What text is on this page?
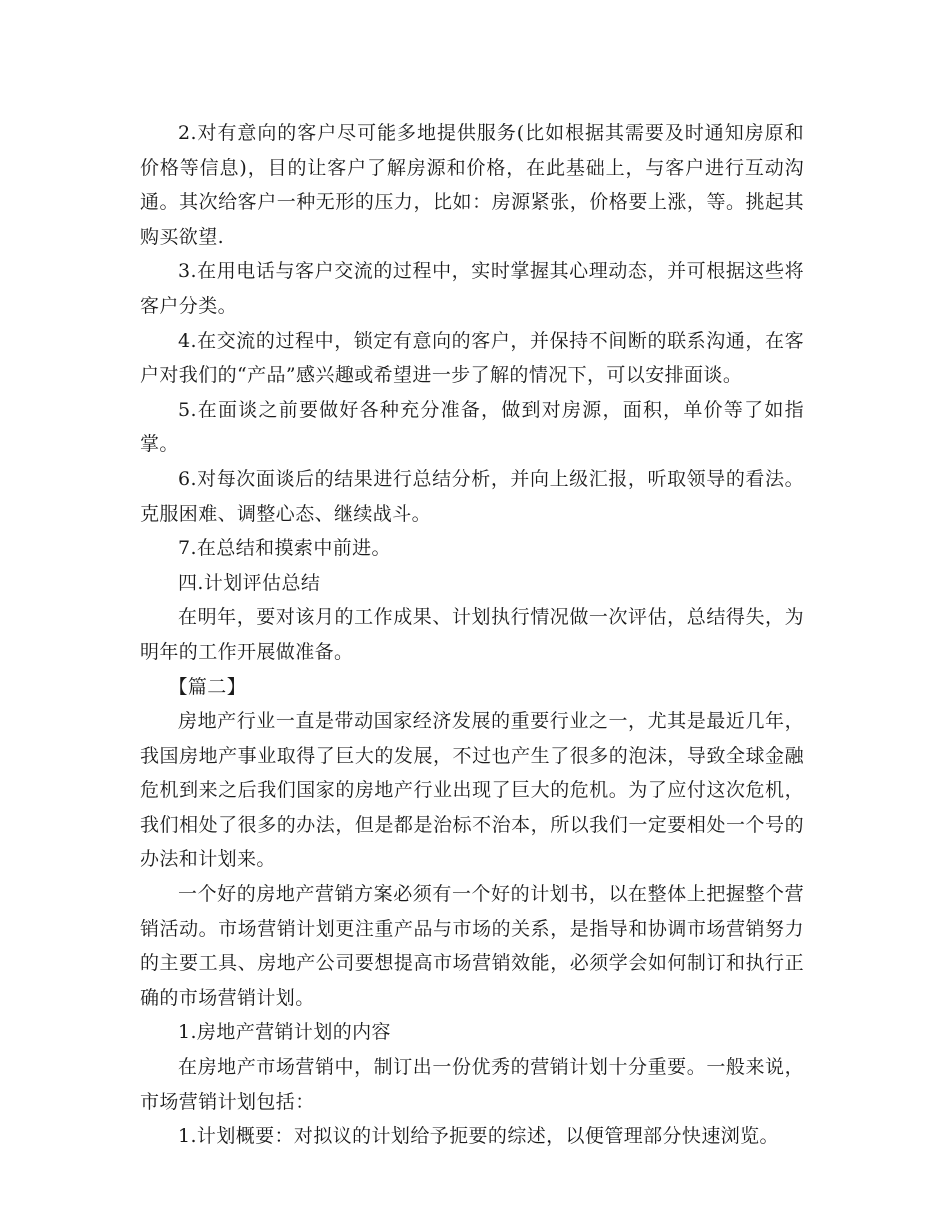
2.对有意向的客户尽可能多地提供服务(比如根据其需要及时通知房原和价格等信息)，目的让客户了解房源和价格，在此基础上，与客户进行互动沟通。其次给客户一种无形的压力，比如：房源紧张，价格要上涨，等。挑起其购买欲望.

3.在用电话与客户交流的过程中，实时掌握其心理动态，并可根据这些将客户分类。

4.在交流的过程中，锁定有意向的客户，并保持不间断的联系沟通，在客户对我们的“产品”感兴趣或希望进一步了解的情况下，可以安排面谈。

5.在面谈之前要做好各种充分准备，做到对房源，面积，单价等了如指掌。

6.对每次面谈后的结果进行总结分析，并向上级汇报，听取领导的看法。克服困难、调整心态、继续战斗。

7.在总结和摸索中前进。

四.计划评估总结

在明年，要对该月的工作成果、计划执行情况做一次评估，总结得失，为明年的工作开展做准备。

【篇二】

房地产行业一直是带动国家经济发展的重要行业之一，尤其是最近几年，我国房地产事业取得了巨大的发展，不过也产生了很多的泡沫，导致全球金融危机到来之后我们国家的房地产行业出现了巨大的危机。为了应付这次危机，我们相处了很多的办法，但是都是治标不治本，所以我们一定要相处一个号的办法和计划来。

一个好的房地产营销方案必须有一个好的计划书，以在整体上把握整个营销活动。市场营销计划更注重产品与市场的关系，是指导和协调市场营销努力的主要工具、房地产公司要想提高市场营销效能，必须学会如何制订和执行正确的市场营销计划。

1.房地产营销计划的内容

在房地产市场营销中，制订出一份优秀的营销计划十分重要。一般来说，市场营销计划包括：

1.计划概要：对拟议的计划给予扼要的综述，以便管理部分快速浏览。
